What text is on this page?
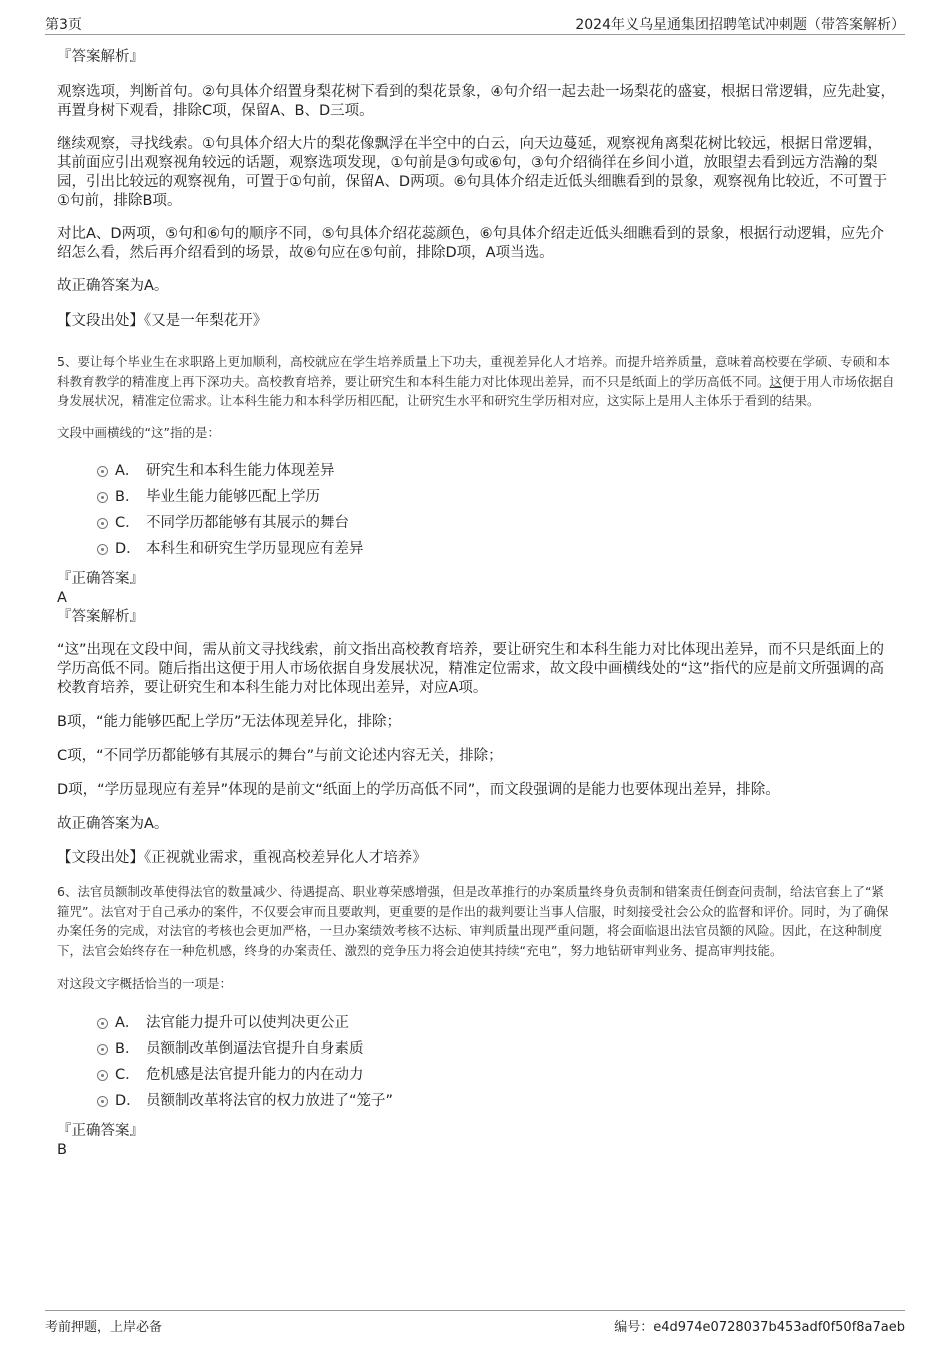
第3页	2024年义乌星通集团招聘笔试冲刺题（带答案解析）

『答案解析』

观察选项，判断首句。②句具体介绍置身梨花树下看到的梨花景象，④句介绍一起去赴一场梨花的盛宴，根据日常逻辑，应先赴宴，再置身树下观看，排除C项，保留A、B、D三项。

继续观察，寻找线索。①句具体介绍大片的梨花像飘浮在半空中的白云，向天边蔓延，观察视角离梨花树比较远，根据日常逻辑，其前面应引出观察视角较远的话题，观察选项发现，①句前是③句或⑥句，③句介绍徜徉在乡间小道，放眼望去看到远方浩瀚的梨园，引出比较远的观察视角，可置于①句前，保留A、D两项。⑥句具体介绍走近低头细瞧看到的景象，观察视角比较近，不可置于①句前，排除B项。

对比A、D两项，⑤句和⑥句的顺序不同，⑤句具体介绍花蕊颜色，⑥句具体介绍走近低头细瞧看到的景象，根据行动逻辑，应先介绍怎么看，然后再介绍看到的场景，故⑥句应在⑤句前，排除D项，A项当选。

故正确答案为A。

【文段出处】《又是一年梨花开》

5、要让每个毕业生在求职路上更加顺利，高校就应在学生培养质量上下功夫，重视差异化人才培养。而提升培养质量，意味着高校要在学硕、专硕和本科教育教学的精准度上再下深功夫。高校教育培养，要让研究生和本科生能力对比体现出差异，而不只是纸面上的学历高低不同。这便于用人市场依据自身发展状况，精准定位需求。让本科生能力和本科学历相匹配，让研究生水平和研究生学历相对应，这实际上是用人主体乐于看到的结果。

文段中画横线的“这”指的是：

A． 研究生和本科生能力体现差异
B． 毕业生能力能够匹配上学历
C． 不同学历都能够有其展示的舞台
D． 本科生和研究生学历显现应有差异

『正确答案』

A

『答案解析』

“这”出现在文段中间，需从前文寻找线索，前文指出高校教育培养，要让研究生和本科生能力对比体现出差异，而不只是纸面上的学历高低不同。随后指出这便于用人市场依据自身发展状况，精准定位需求，故文段中画横线处的“这”指代的应是前文所强调的高校教育培养，要让研究生和本科生能力对比体现出差异，对应A项。

B项，“能力能够匹配上学历”无法体现差异化，排除；

C项，“不同学历都能够有其展示的舞台”与前文论述内容无关，排除；

D项，“学历显现应有差异”体现的是前文“纸面上的学历高低不同”，而文段强调的是能力也要体现出差异，排除。

故正确答案为A。

【文段出处】《正视就业需求，重视高校差异化人才培养》

6、法官员额制改革使得法官的数量减少、待遇提高、职业尊荣感增强，但是改革推行的办案质量终身负责制和错案责任倒查问责制，给法官套上了“紧箍咒”。法官对于自己承办的案件，不仅要会审而且要敢判，更重要的是作出的裁判要让当事人信服，时刻接受社会公众的监督和评价。同时，为了确保办案任务的完成，对法官的考核也会更加严格，一旦办案绩效考核不达标、审判质量出现严重问题，将会面临退出法官员额的风险。因此，在这种制度下，法官会始终存在一种危机感，终身的办案责任、激烈的竞争压力将会迫使其持续“充电”，努力地钻研审判业务、提高审判技能。

对这段文字概括恰当的一项是：

A． 法官能力提升可以使判决更公正
B． 员额制改革倒逼法官提升自身素质
C． 危机感是法官提升能力的内在动力
D． 员额制改革将法官的权力放进了“笼子”

『正确答案』

B

考前押题，上岸必备	编号：e4d974e0728037b453adf0f50f8a7aeb
